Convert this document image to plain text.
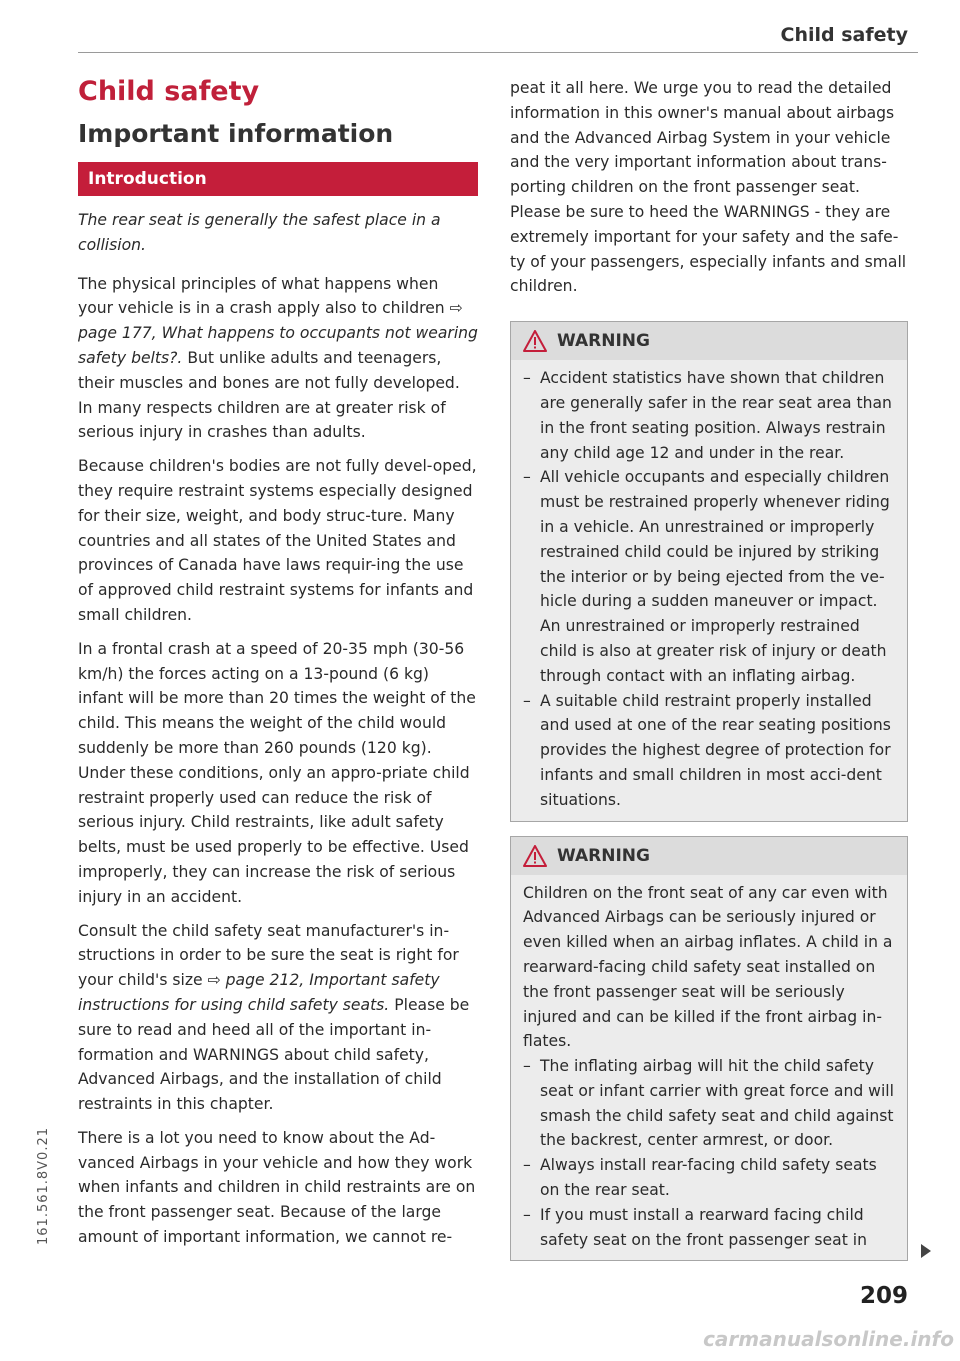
Child safety
Child safety
Important information
Introduction

The rear seat is generally the safest place in a collision.

The physical principles of what happens when your vehicle is in a crash apply also to children ⇨ page 177, What happens to occupants not wearing safety belts?. But unlike adults and teenagers, their muscles and bones are not fully developed. In many respects children are at greater risk of serious injury in crashes than adults.

Because children's bodies are not fully devel-oped, they require restraint systems especially designed for their size, weight, and body struc-ture. Many countries and all states of the United States and provinces of Canada have laws requir-ing the use of approved child restraint systems for infants and small children.

In a frontal crash at a speed of 20-35 mph (30-56 km/h) the forces acting on a 13-pound (6 kg) infant will be more than 20 times the weight of the child. This means the weight of the child would suddenly be more than 260 pounds (120 kg). Under these conditions, only an appro-priate child restraint properly used can reduce the risk of serious injury. Child restraints, like adult safety belts, must be used properly to be effective. Used improperly, they can increase the risk of serious injury in an accident.

Consult the child safety seat manufacturer's in-structions in order to be sure the seat is right for your child's size ⇨ page 212, Important safety instructions for using child safety seats. Please be sure to read and heed all of the important in-formation and WARNINGS about child safety, Advanced Airbags, and the installation of child restraints in this chapter.

There is a lot you need to know about the Ad-vanced Airbags in your vehicle and how they work when infants and children in child restraints are on the front passenger seat. Because of the large amount of important information, we cannot re-

peat it all here. We urge you to read the detailed information in this owner's manual about airbags and the Advanced Airbag System in your vehicle and the very important information about trans-porting children on the front passenger seat. Please be sure to heed the WARNINGS - they are extremely important for your safety and the safe-ty of your passengers, especially infants and small children.

WARNING
– Accident statistics have shown that children are generally safer in the rear seat area than in the front seating position. Always restrain any child age 12 and under in the rear.
– All vehicle occupants and especially children must be restrained properly whenever riding in a vehicle. An unrestrained or improperly restrained child could be injured by striking the interior or by being ejected from the ve-hicle during a sudden maneuver or impact. An unrestrained or improperly restrained child is also at greater risk of injury or death through contact with an inflating airbag.
– A suitable child restraint properly installed and used at one of the rear seating positions provides the highest degree of protection for infants and small children in most acci-dent situations.
WARNING

Children on the front seat of any car even with Advanced Airbags can be seriously injured or even killed when an airbag inflates. A child in a rearward-facing child safety seat installed on the front passenger seat will be seriously injured and can be killed if the front airbag in-flates.

– The inflating airbag will hit the child safety seat or infant carrier with great force and will smash the child safety seat and child against the backrest, center armrest, or door.
– Always install rear-facing child safety seats on the rear seat.
– If you must install a rearward facing child safety seat on the front passenger seat in
209
161.561.8V0.21
carmanualsonline.info
